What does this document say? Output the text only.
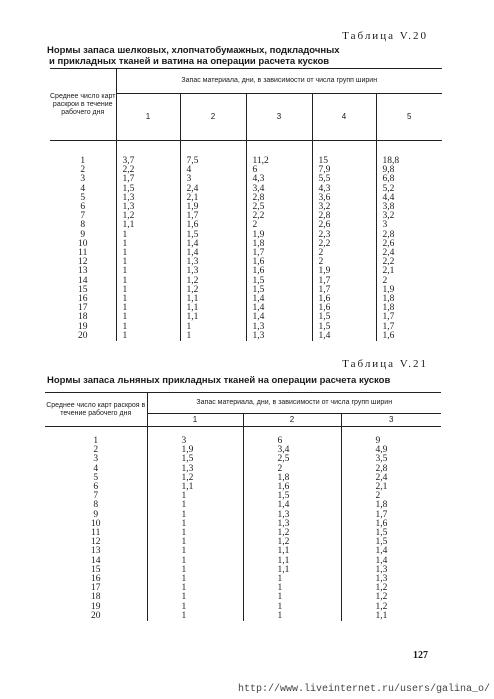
Таблица V.20
Нормы запаса шелковых, хлопчатобумажных, подкладочных
и прикладных тканей и ватина на операции расчета кусков
Среднее число карт раскрои в течение рабочего дня	Запас материала, дни, в зависимости от числа групп ширин				
	1	2	3	4	5

1	3,7	7,5	11,2	15	18,8
2	2,2	4	6	7,9	9,8
3	1,7	3	4,3	5,5	6,8
4	1,5	2,4	3,4	4,3	5,2
5	1,3	2,1	2,8	3,6	4,4
6	1,3	1,9	2,5	3,2	3,8
7	1,2	1,7	2,2	2,8	3,2
8	1,1	1,6	2	2,6	3
9	1	1,5	1,9	2,3	2,8
10	1	1,4	1,8	2,2	2,6
11	1	1,4	1,7	2	2,4
12	1	1,3	1,6	2	2,2
13	1	1,3	1,6	1,9	2,1
14	1	1,2	1,5	1,7	2
15	1	1,2	1,5	1,7	1,9
16	1	1,1	1,4	1,6	1,8
17	1	1,1	1,4	1,6	1,8
18	1	1,1	1,4	1,5	1,7
19	1	1	1,3	1,5	1,7
20	1	1	1,3	1,4	1,6
Таблица V.21
Нормы запаса льняных прикладных тканей на операции расчета кусков
Среднее число карт раскроя в течение рабочего дня	Запас материала, дни, в зависимости от числа групп ширин		
	1	2	3

1	3	6	9
2	1,9	3,4	4,9
3	1,5	2,5	3,5
4	1,3	2	2,8
5	1,2	1,8	2,4
6	1,1	1,6	2,1
7	1	1,5	2
8	1	1,4	1,8
9	1	1,3	1,7
10	1	1,3	1,6
11	1	1,2	1,5
12	1	1,2	1,5
13	1	1,1	1,4
14	1	1,1	1,4
15	1	1,1	1,3
16	1	1	1,3
17	1	1	1,2
18	1	1	1,2
19	1	1	1,2
20	1	1	1,1
127
http://www.liveinternet.ru/users/galina_o/
